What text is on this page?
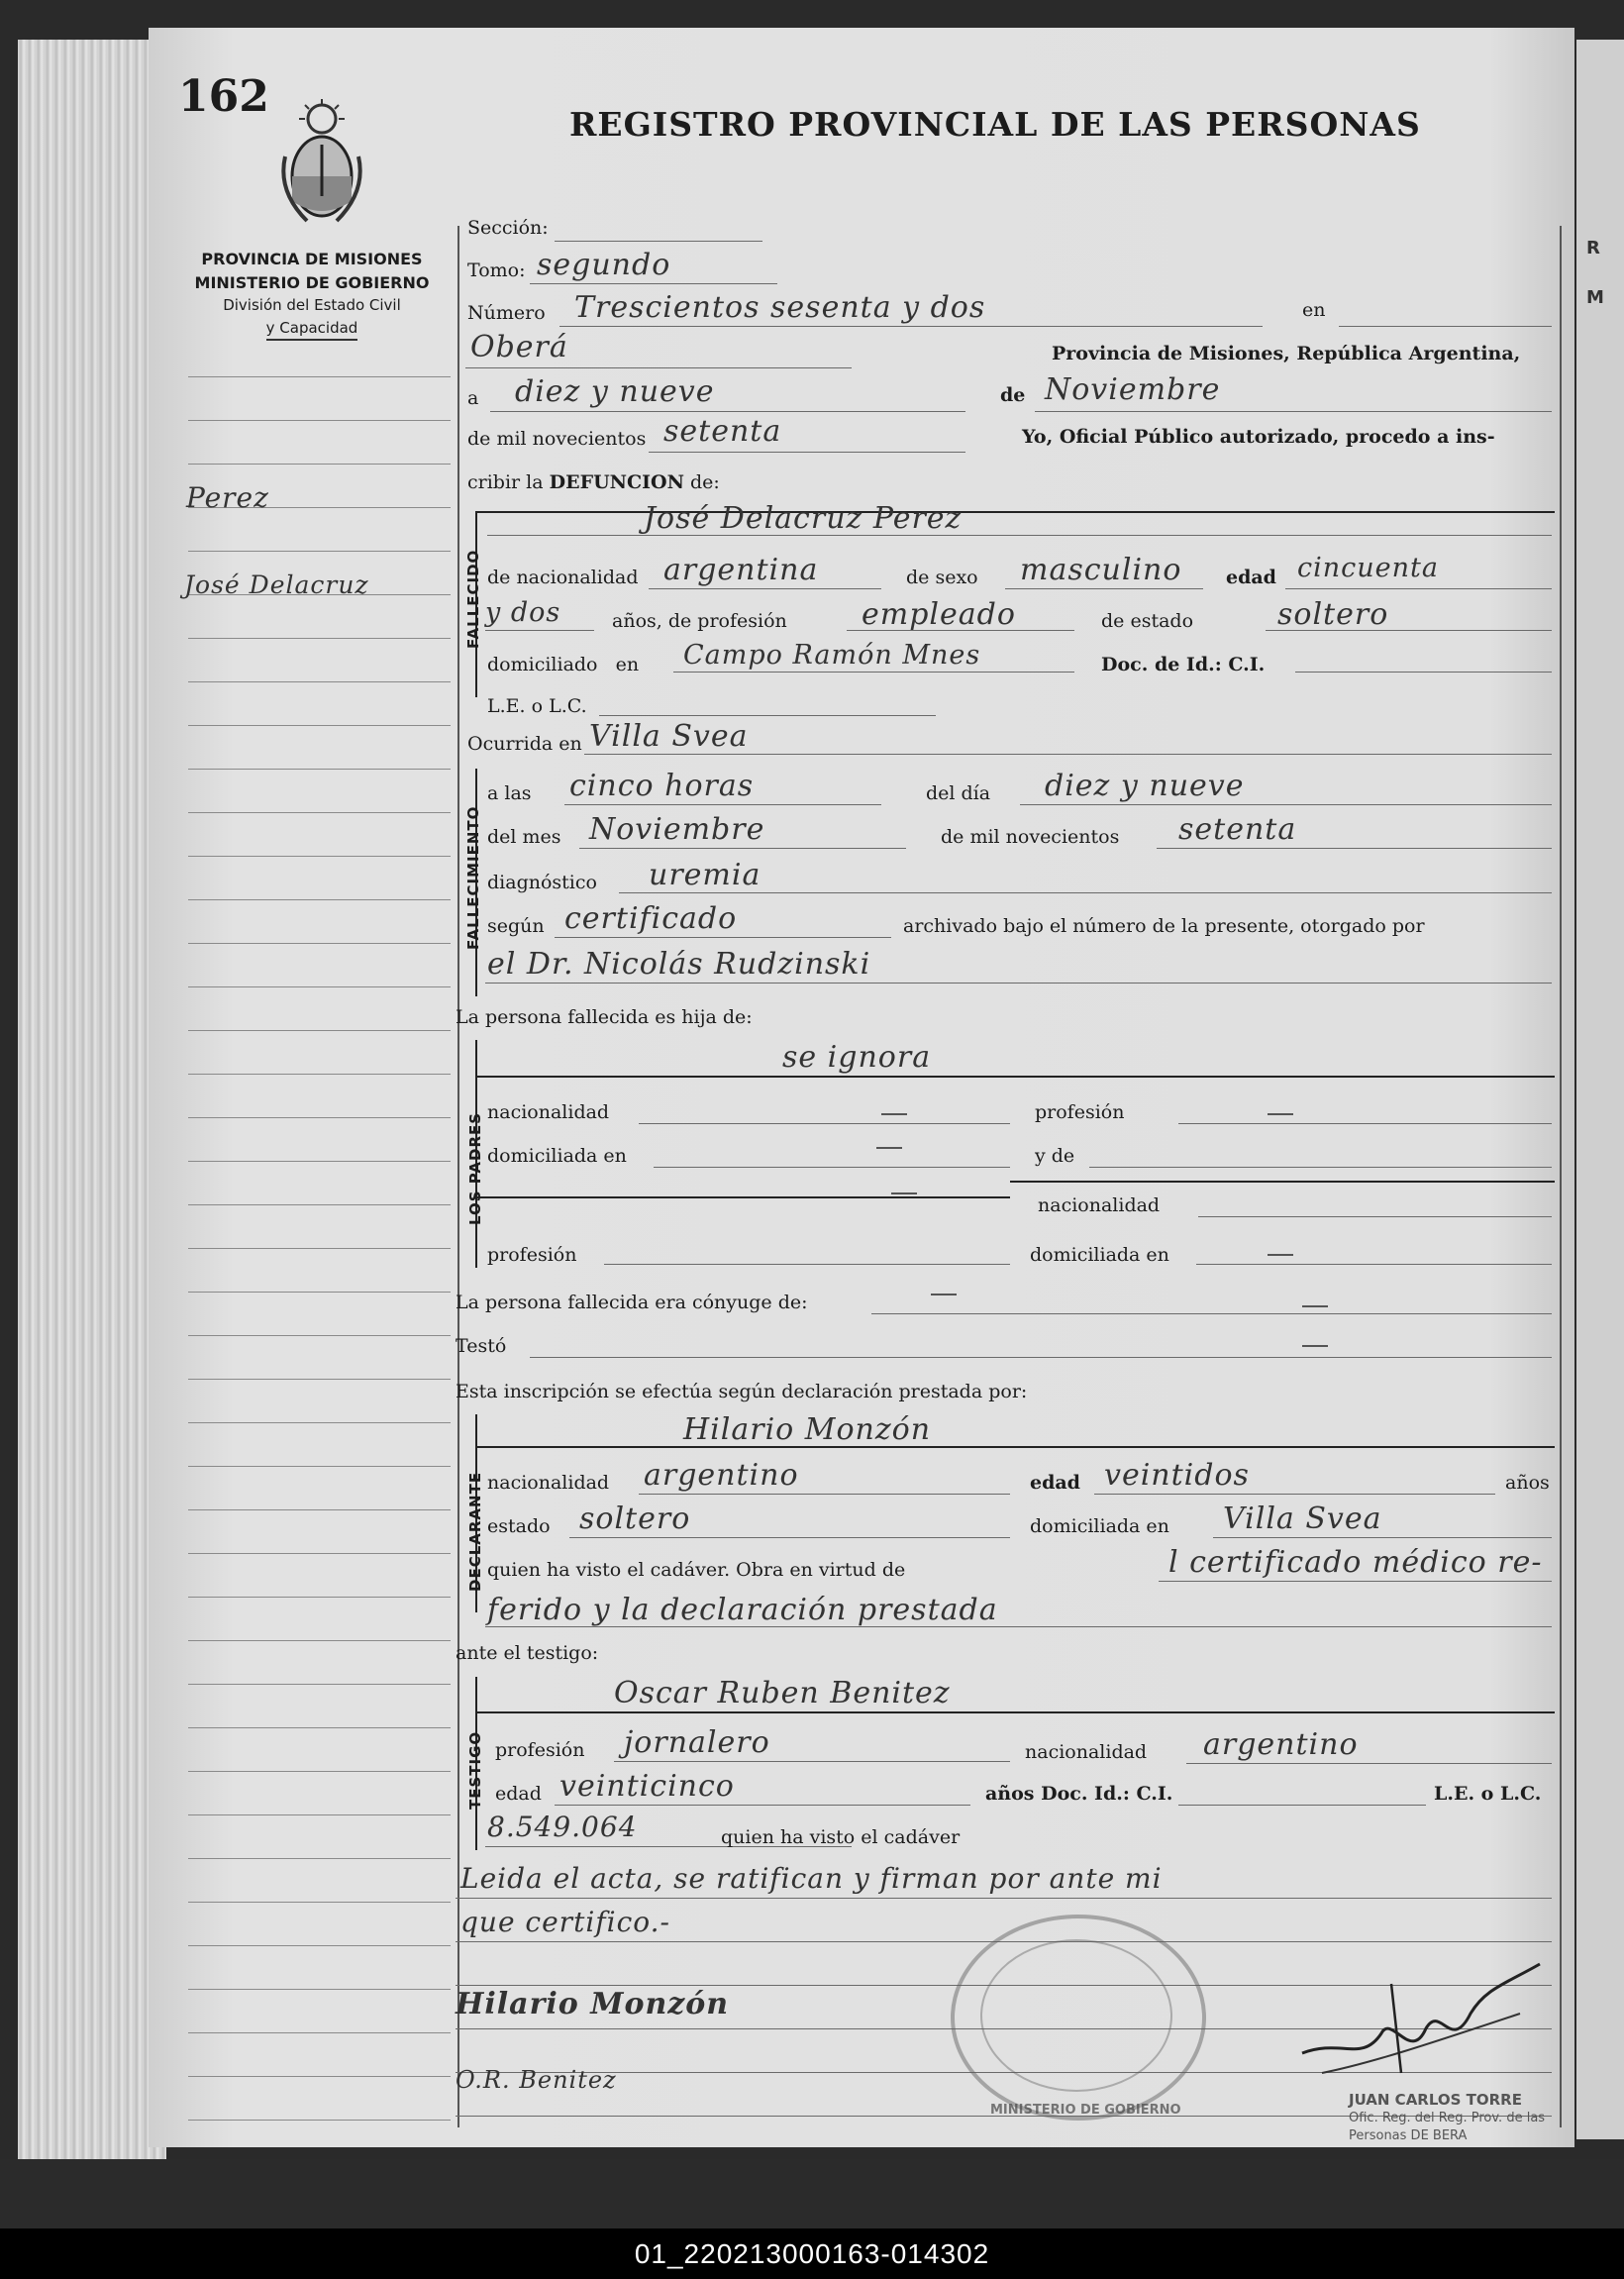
R
M
162
REGISTRO PROVINCIAL DE LAS PERSONAS
PROVINCIA DE MISIONES
MINISTERIO DE GOBIERNO
División del Estado Civil
y Capacidad
Perez
José Delacruz
Sección:
Tomo: segundo
Número Trescientos sesenta y dos	en
Oberá	Provincia de Misiones, República Argentina,
a diez y nueve	de Noviembre
de mil novecientos setenta	Yo, Oficial Público autorizado, procedo a ins-
cribir la DEFUNCION de:
FALLECIDO
José Delacruz Perez
de nacionalidad argentina	de sexo masculino edad cincuenta
y dos	años, de profesión	empleado	de estado	soltero
domiciliado en Campo Ramón Mnes	Doc. de Id.: C.I.
L.E. o L.C.
Ocurrida en Villa Svea
FALLECIMIENTO
a las cinco horas	del día diez y nueve
del mes Noviembre	de mil novecientos setenta
diagnóstico uremia
según certificado	archivado bajo el número de la presente, otorgado por
el Dr. Nicolás Rudzinski
La persona fallecida es hija de:
LOS PADRES
se ignora
nacionalidad	profesión
domiciliada en	y de
nacionalidad
profesión	domiciliada en
La persona fallecida era cónyuge de:
Testó
Esta inscripción se efectúa según declaración prestada por:
DECLARANTE
Hilario Monzón
nacionalidad argentino	edad veintidos	años
estado soltero	domiciliada en Villa Svea
quien ha visto el cadáver. Obra en virtud de	l certificado médico re-
ferido y la declaración prestada
ante el testigo:
TESTIGO
Oscar Ruben Benitez
profesión jornalero	nacionalidad argentino
edad veinticinco	años Doc. Id.: C.I.	L.E. o L.C.
8.549.064	quien ha visto el cadáver
Leida el acta, se ratifican y firman por ante mi
que certifico.-
MINISTERIO DE GOBIERNO
Hilario Monzón
O.R. Benitez
JUAN CARLOS TORRE
Ofic. Reg. del Reg. Prov. de las
Personas DE BERA
01_220213000163-014302
